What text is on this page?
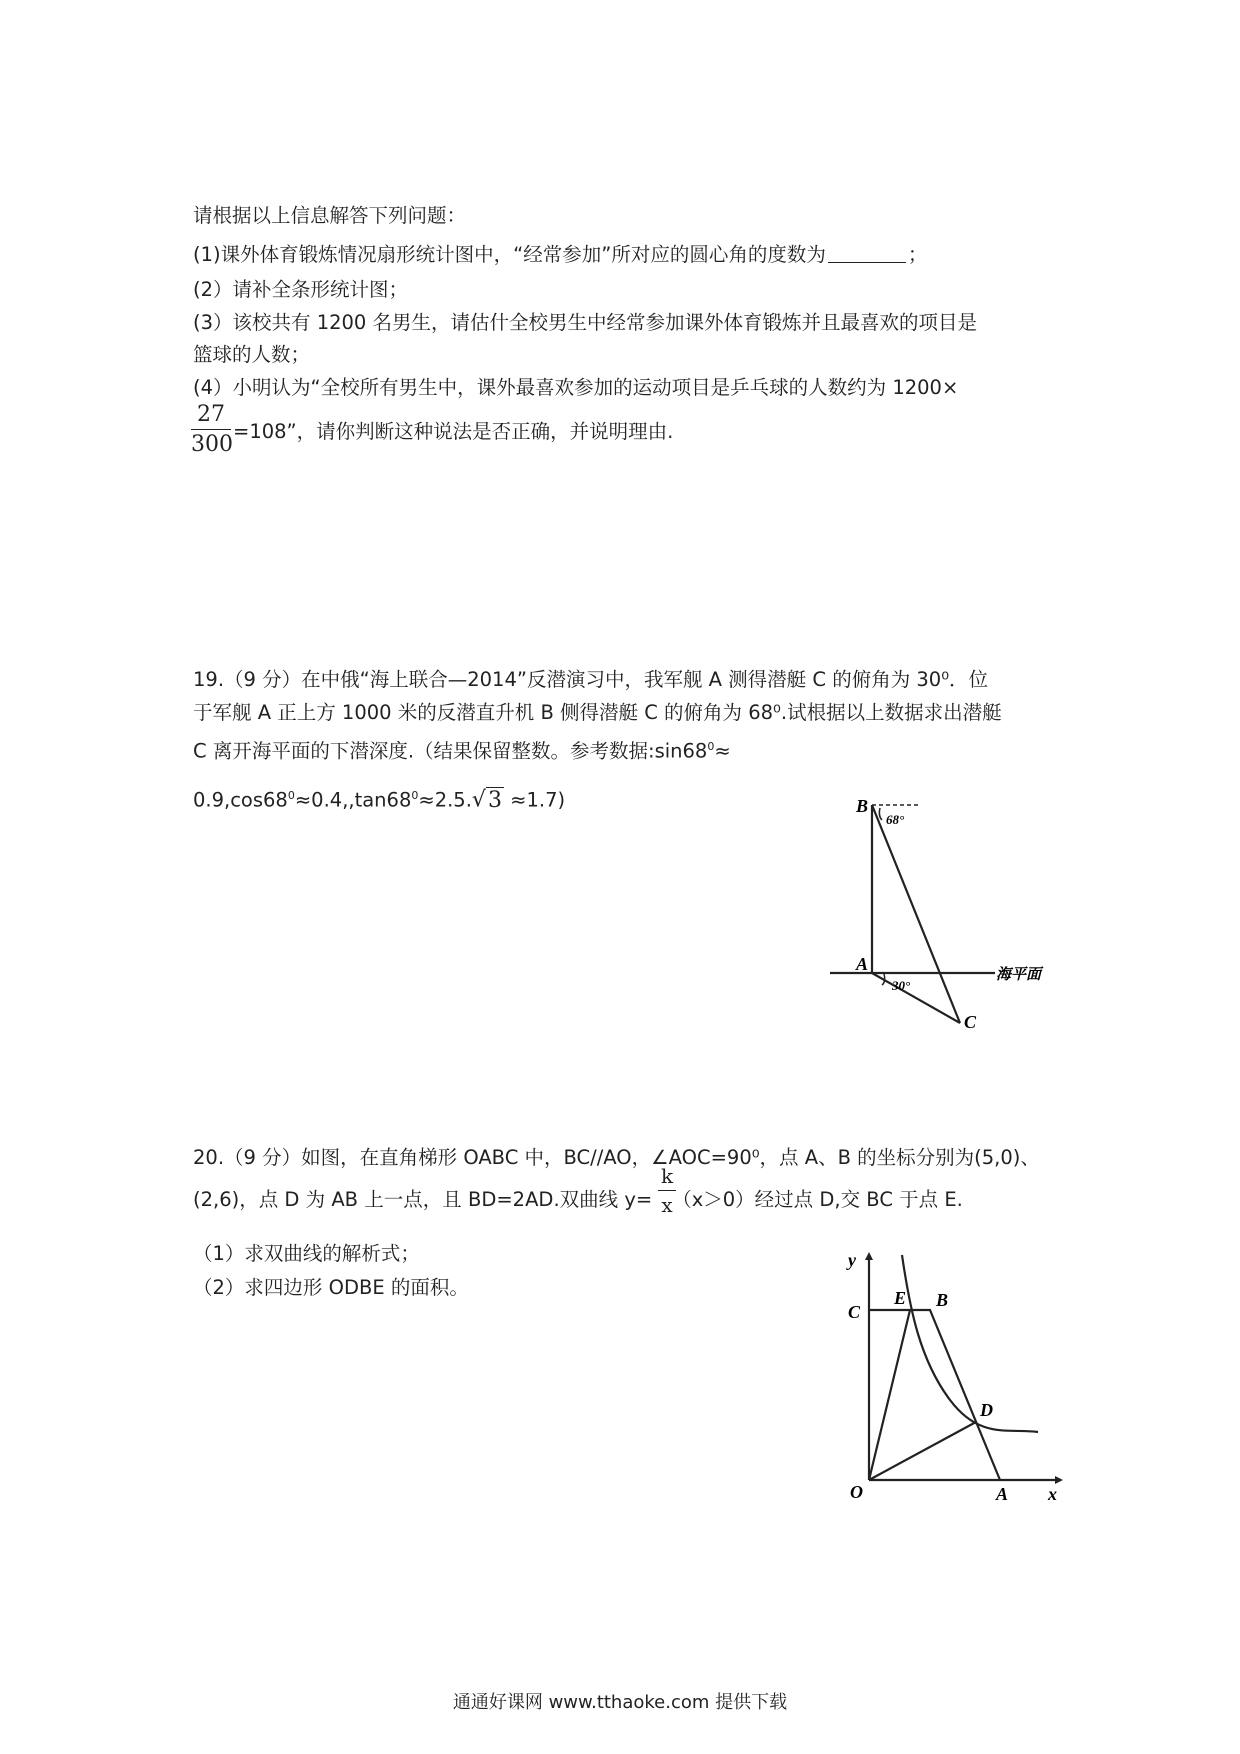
请根据以上信息解答下列问题：
(1)课外体育锻炼情况扇形统计图中，“经常参加”所对应的圆心角的度数为	；
(2）请补全条形统计图；
(3）该校共有 1200 名男生，请估什全校男生中经常参加课外体育锻炼并且最喜欢的项目是
篮球的人数；
(4）小明认为“全校所有男生中，课外最喜欢参加的运动项目是乒乓球的人数约为 1200×
27
300
=108”，请你判断这种说法是否正确，并说明理由.
19.（9 分）在中俄“海上联合—2014”反潜演习中，我军舰 A 测得潜艇 C 的俯角为 30⁰．位
于军舰 A 正上方 1000 米的反潜直升机 B 侧得潜艇 C 的俯角为 68⁰.试根据以上数据求出潜艇
C 离开海平面的下潜深度.（结果保留整数。参考数据$:\sin 68^0\approx$
$0.9,\cos 68^0\approx 0.4,,\tan 68^0\approx 2.5.√3 \approx 1.7$)	B
68°
A
30°
C
海平面
20.（9 分）如图，在直角梯形 OABC 中，BC//AO，∠AOC=90⁰，点 A、B 的坐标分别为(5,0)、
(2,6)，点 D 为 AB 上一点，且 BD=2AD.双曲线 y= （x＞0）经过点 D,交 BC 于点 E.
k
x
（1）求双曲线的解析式；
（2）求四边形 ODBE 的面积。
y
x
O	A
C
E B
D
通通好课网 www.tthaoke.com 提供下载
